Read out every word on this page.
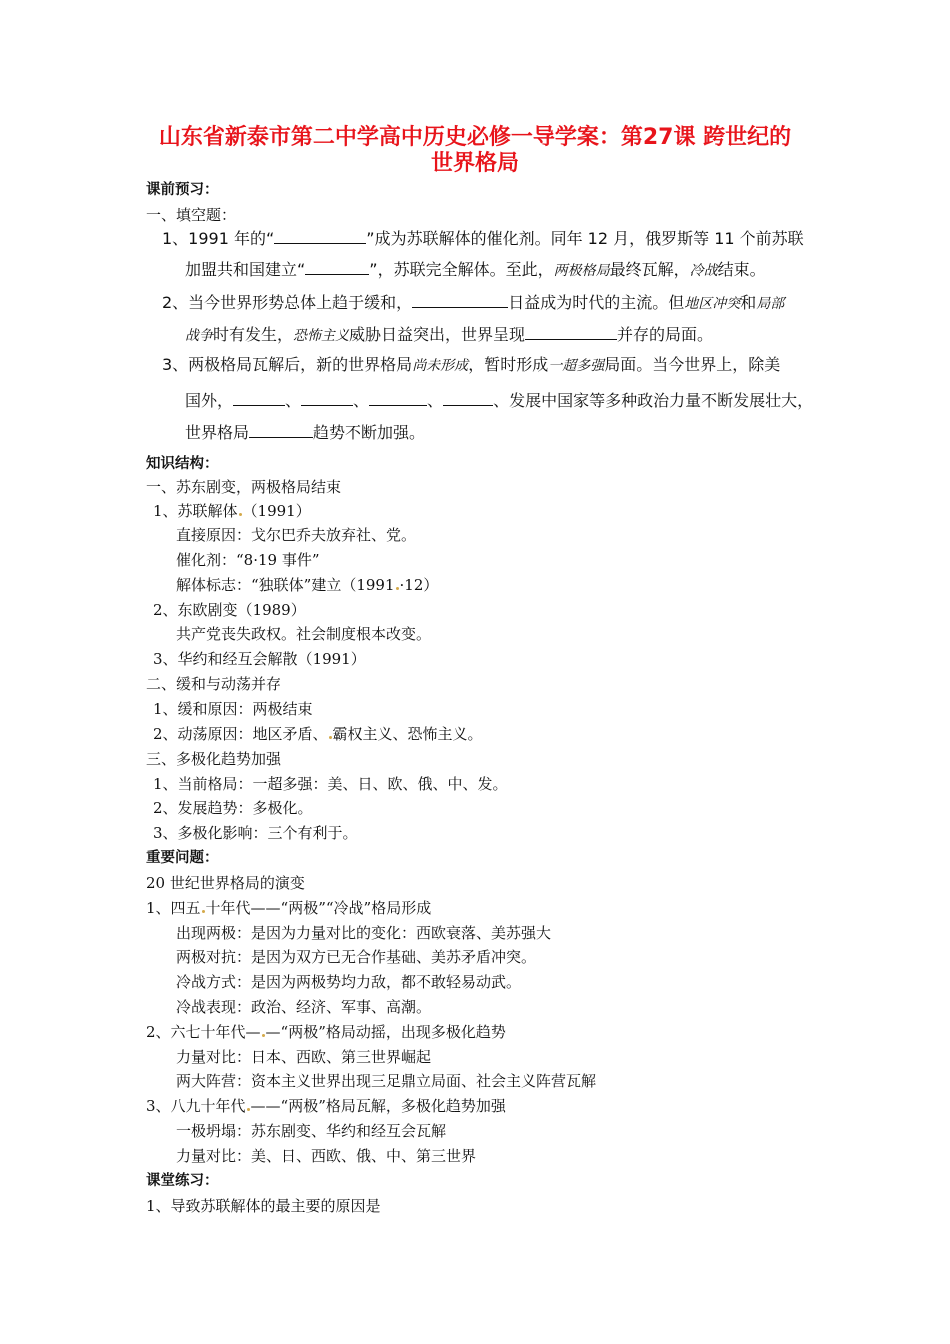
山东省新泰市第二中学高中历史必修一导学案：第27课 跨世纪的
世界格局
课前预习：
一、填空题：
1、1991 年的“	”成为苏联解体的催化剂。同年 12 月，俄罗斯等 11 个前苏联
加盟共和国建立“	”，苏联完全解体。至此，两极格局最终瓦解，冷战结束。
2、当今世界形势总体上趋于缓和，	日益成为时代的主流。但地区冲突和局部
战争时有发生，恐怖主义威胁日益突出，世界呈现	并存的局面。
3、两极格局瓦解后，新的世界格局尚未形成，暂时形成一超多强局面。当今世界上，除美
国外，	、	、	、	、发展中国家等多种政治力量不断发展壮大，
世界格局	趋势不断加强。
知识结构：
一、苏东剧变，两极格局结束
1、苏联解体 （1991）
直接原因：戈尔巴乔夫放弃社、党。
催化剂：“8·19 事件”
解体标志：“独联体”建立（1991 ·12）
2、东欧剧变（1989）
共产党丧失政权。社会制度根本改变。
3、华约和经互会解散（1991）
二、缓和与动荡并存
1、缓和原因：两极结束
2、动荡原因：地区矛盾、 霸权主义、恐怖主义。
三、多极化趋势加强
1、当前格局：一超多强：美、日、欧、俄、中、发。
2、发展趋势：多极化。
3、多极化影响：三个有利于。
重要问题：
20 世纪世界格局的演变
1、四五 十年代——“两极”“冷战”格局形成
出现两极：是因为力量对比的变化：西欧衰落、美苏强大
两极对抗：是因为双方已无合作基础、美苏矛盾冲突。
冷战方式：是因为两极势均力敌，都不敢轻易动武。
冷战表现：政治、经济、军事、高潮。
2、六七十年代— —“两极”格局动摇，出现多极化趋势
力量对比：日本、西欧、第三世界崛起
两大阵营：资本主义世界出现三足鼎立局面、社会主义阵营瓦解
3、八九十年代 ——“两极”格局瓦解，多极化趋势加强
一极坍塌：苏东剧变、华约和经互会瓦解
力量对比：美、日、西欧、俄、中、第三世界
课堂练习：
1、导致苏联解体的最主要的原因是
